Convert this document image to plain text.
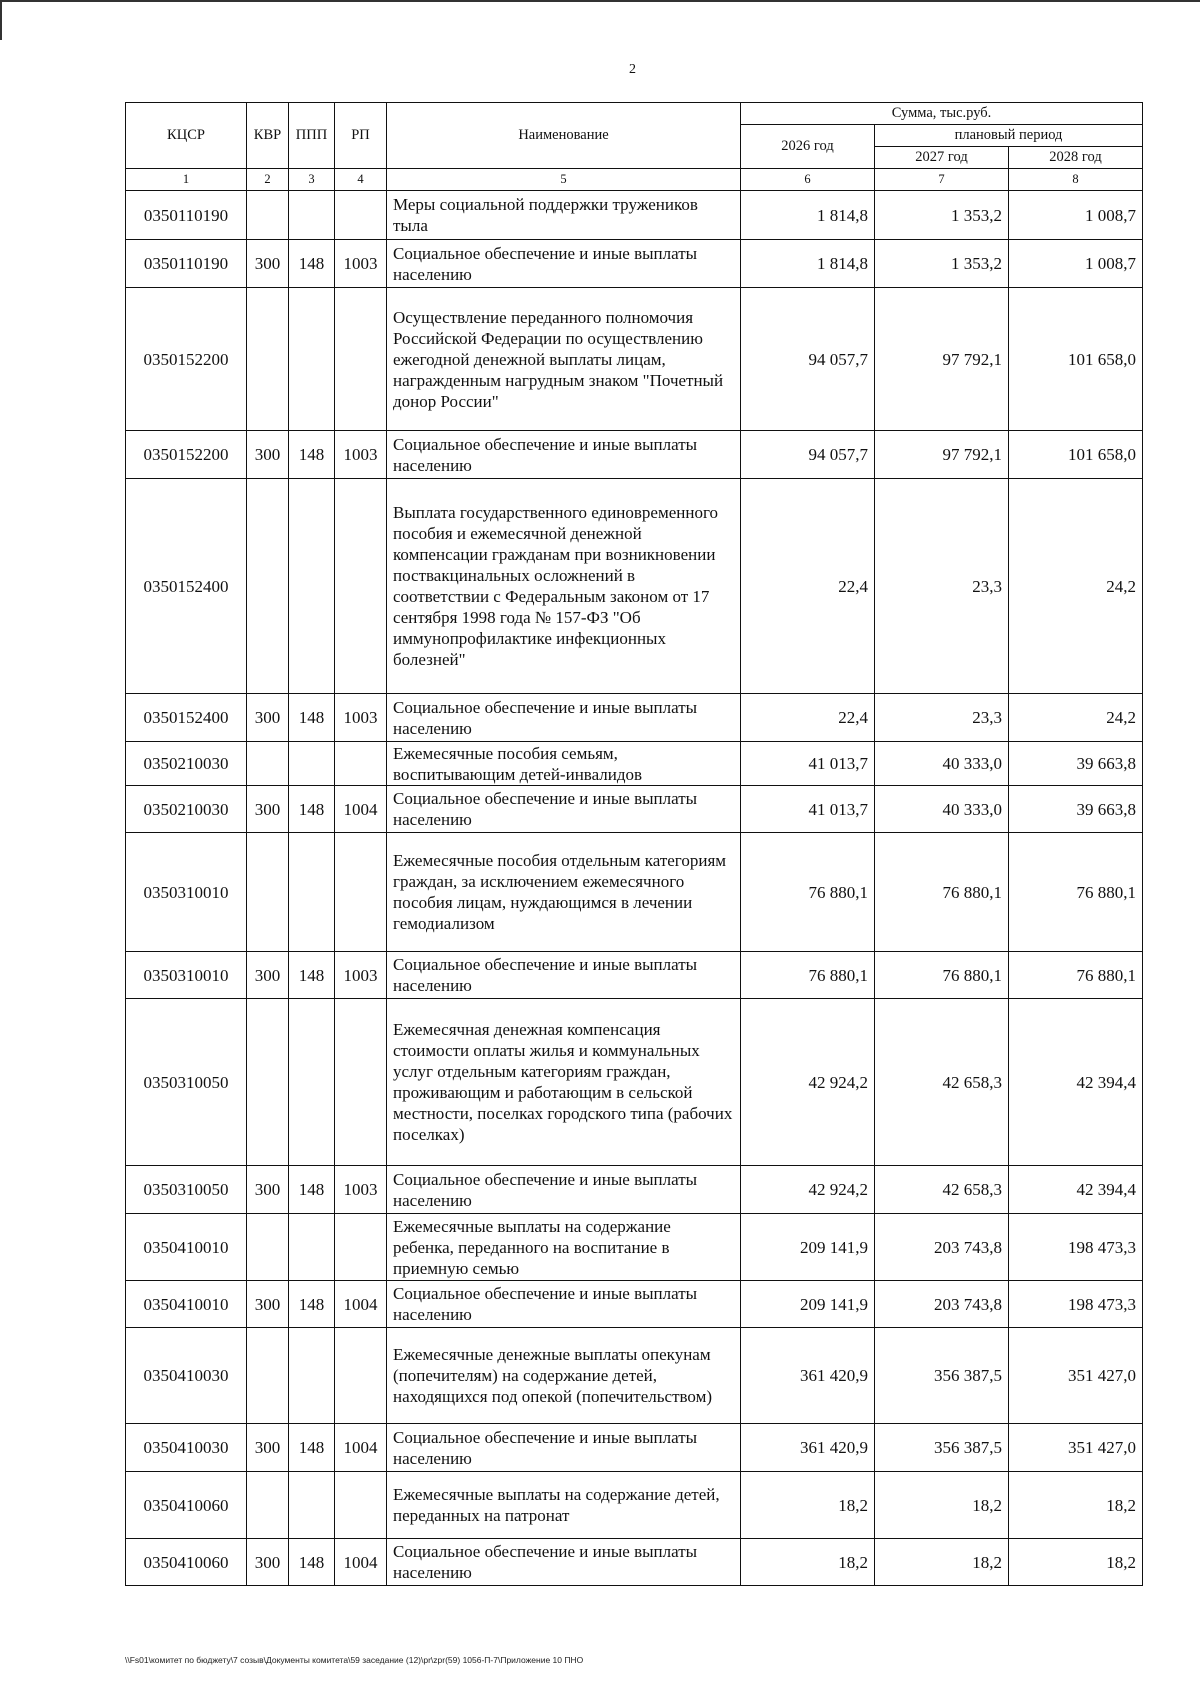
2
КЦСР	КВР	ППП	РП	Наименование	Сумма, тыс.руб.		
					2026 год	плановый период	
						2027 год	2028 год
1	2	3	4	5	6	7	8
0350110190				Меры социальной поддержки тружеников тыла	1 814,8	1 353,2	1 008,7
0350110190	300	148	1003	Социальное обеспечение и иные выплаты населению	1 814,8	1 353,2	1 008,7
0350152200				Осуществление переданного полномочия Российской Федерации по осуществлению ежегодной денежной выплаты лицам, награжденным нагрудным знаком "Почетный донор России"	94 057,7	97 792,1	101 658,0
0350152200	300	148	1003	Социальное обеспечение и иные выплаты населению	94 057,7	97 792,1	101 658,0
0350152400				Выплата государственного единовременного пособия и ежемесячной денежной компенсации гражданам при возникновении поствакцинальных осложнений в соответствии с Федеральным законом от 17 сентября 1998 года № 157-ФЗ "Об иммунопрофилактике инфекционных болезней"	22,4	23,3	24,2
0350152400	300	148	1003	Социальное обеспечение и иные выплаты населению	22,4	23,3	24,2
0350210030				Ежемесячные пособия семьям, воспитывающим детей-инвалидов	41 013,7	40 333,0	39 663,8
0350210030	300	148	1004	Социальное обеспечение и иные выплаты населению	41 013,7	40 333,0	39 663,8
0350310010				Ежемесячные пособия отдельным категориям граждан, за исключением ежемесячного пособия лицам, нуждающимся в лечении гемодиализом	76 880,1	76 880,1	76 880,1
0350310010	300	148	1003	Социальное обеспечение и иные выплаты населению	76 880,1	76 880,1	76 880,1
0350310050				Ежемесячная денежная компенсация стоимости оплаты жилья и коммунальных услуг отдельным категориям граждан, проживающим и работающим в сельской местности, поселках городского типа (рабочих поселках)	42 924,2	42 658,3	42 394,4
0350310050	300	148	1003	Социальное обеспечение и иные выплаты населению	42 924,2	42 658,3	42 394,4
0350410010				Ежемесячные выплаты на содержание ребенка, переданного на воспитание в приемную семью	209 141,9	203 743,8	198 473,3
0350410010	300	148	1004	Социальное обеспечение и иные выплаты населению	209 141,9	203 743,8	198 473,3
0350410030				Ежемесячные денежные выплаты опекунам (попечителям) на содержание детей, находящихся под опекой (попечительством)	361 420,9	356 387,5	351 427,0
0350410030	300	148	1004	Социальное обеспечение и иные выплаты населению	361 420,9	356 387,5	351 427,0
0350410060				Ежемесячные выплаты на содержание детей, переданных на патронат	18,2	18,2	18,2
0350410060	300	148	1004	Социальное обеспечение и иные выплаты населению	18,2	18,2	18,2
\\Fs01\комитет по бюджету\7 созыв\Документы комитета\59 заседание (12)\pr\zpr(59) 1056-П-7\Приложение 10 ПНО
